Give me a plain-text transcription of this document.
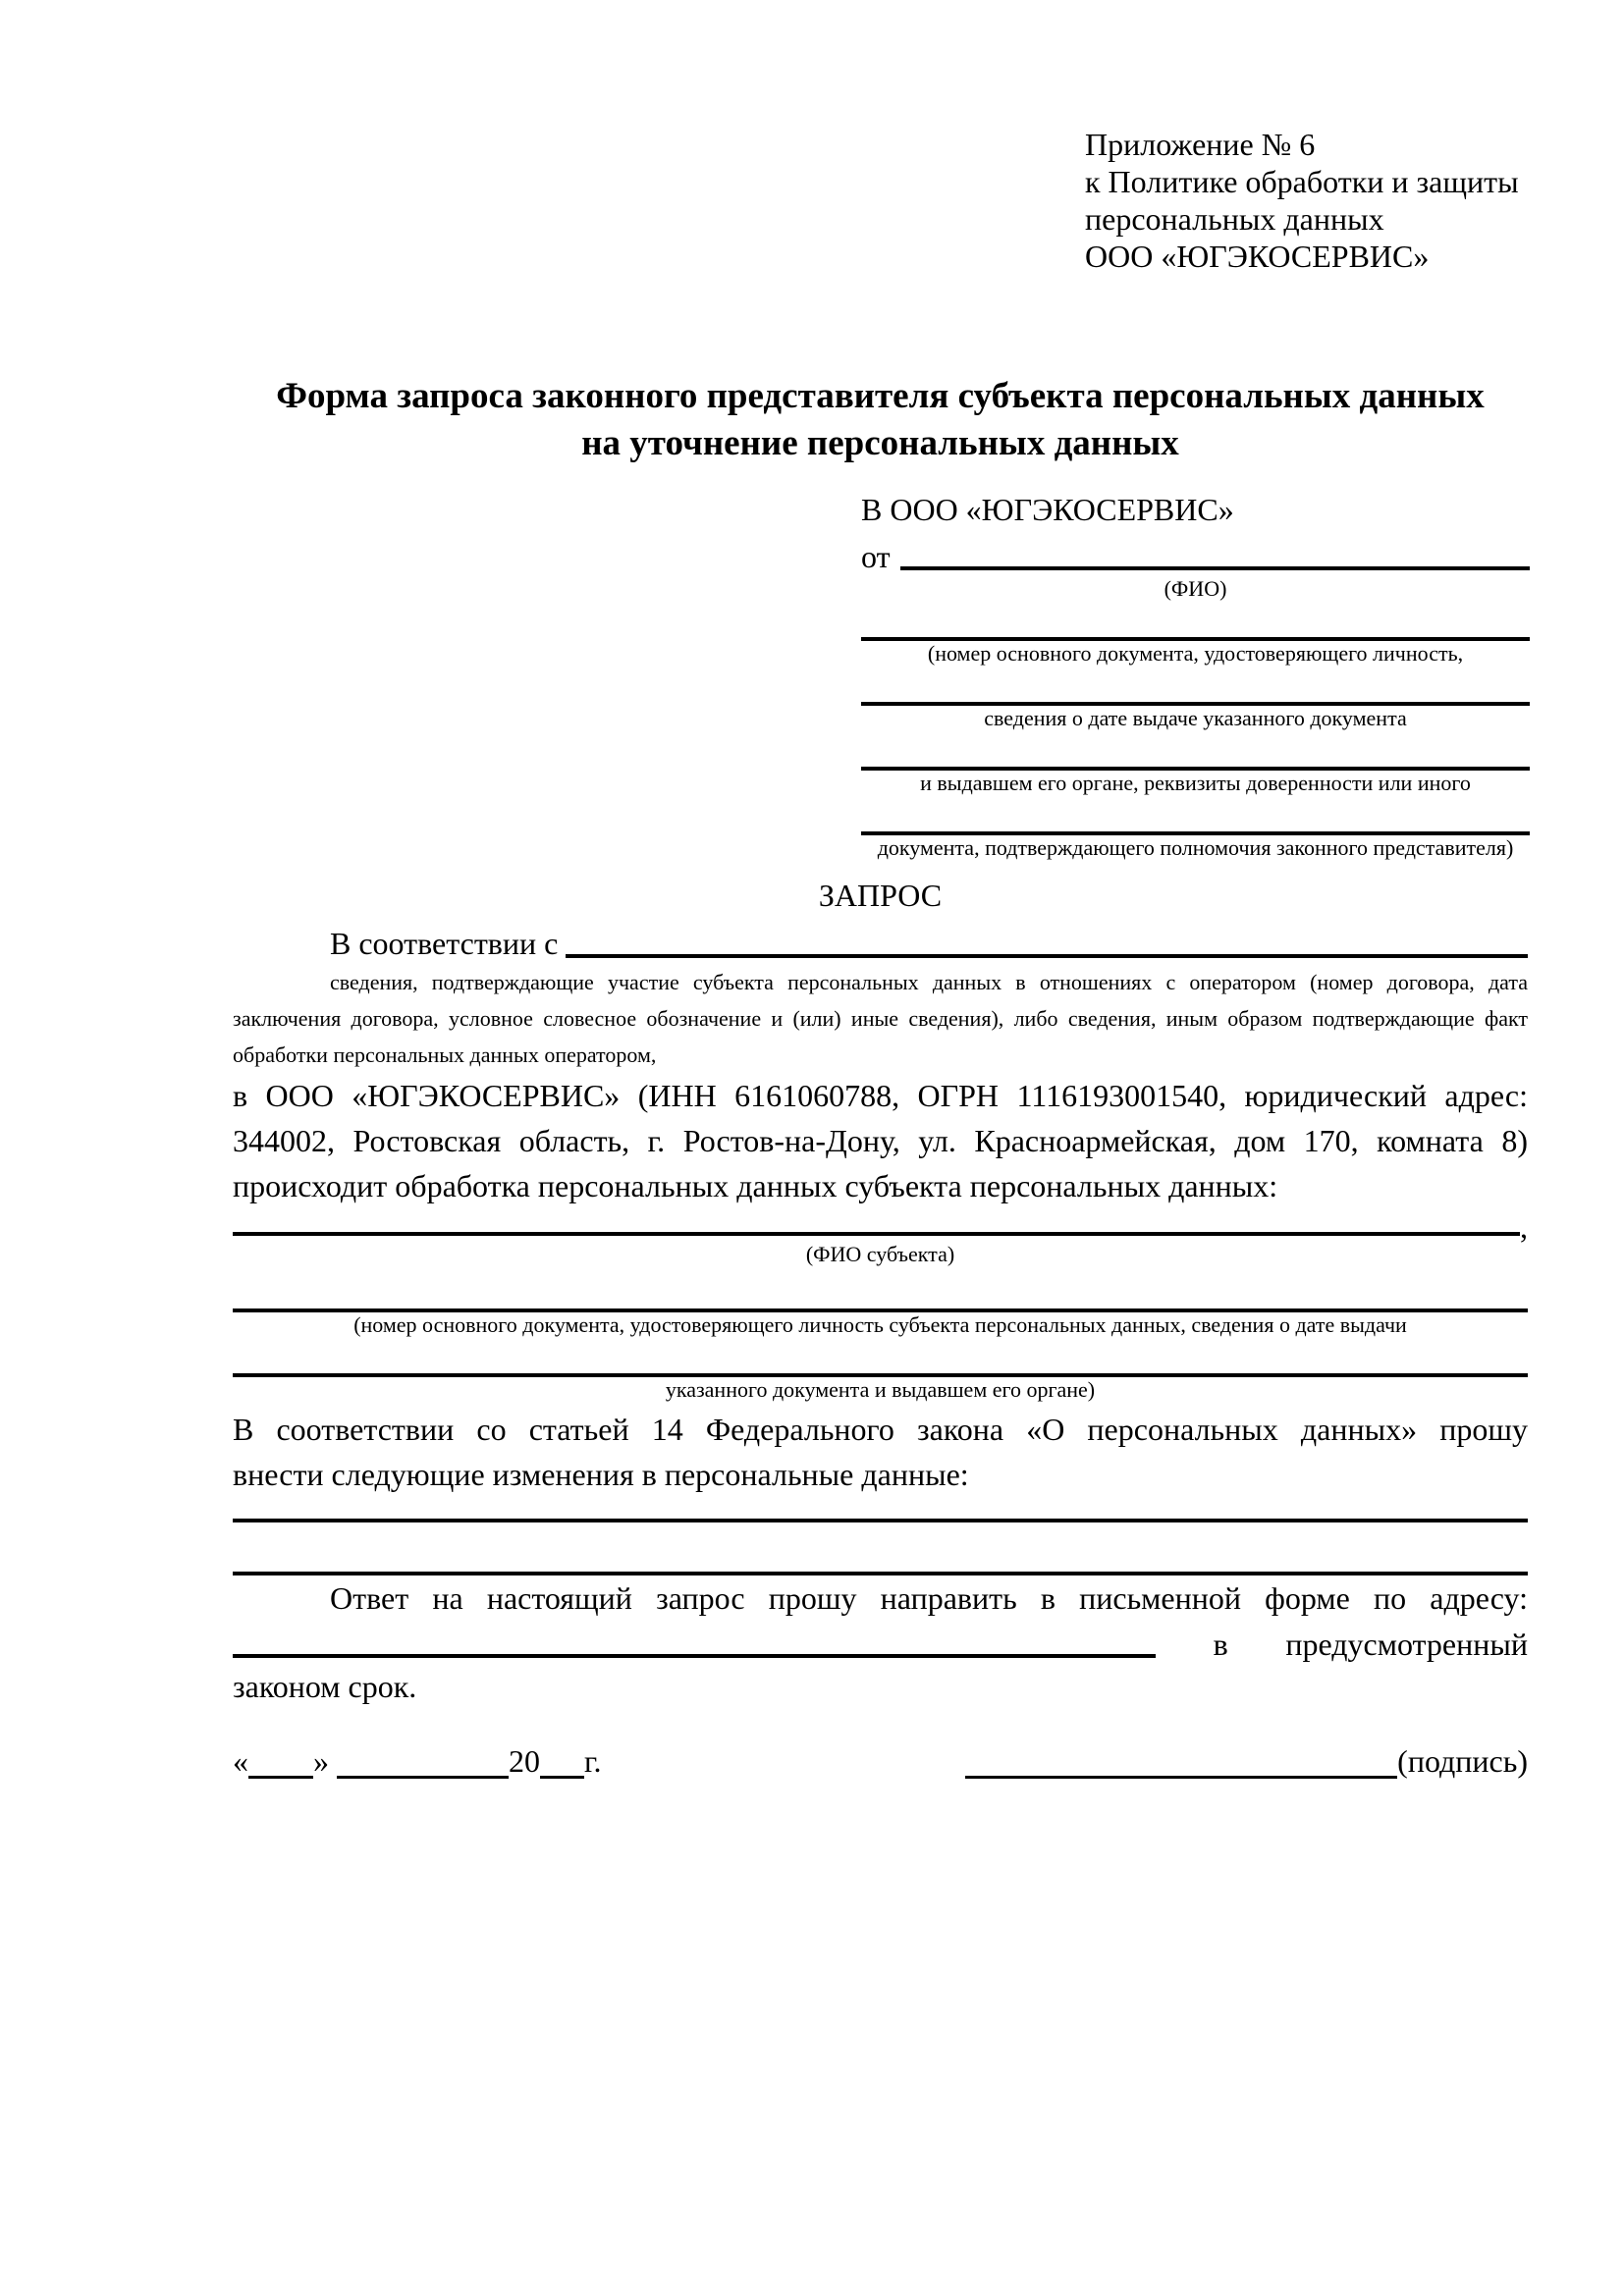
Приложение № 6
к Политике обработки и защиты
персональных данных
ООО «ЮГЭКОСЕРВИС»
Форма запроса законного представителя субъекта персональных данных
на уточнение персональных данных
В ООО «ЮГЭКОСЕРВИС»
от
(ФИО)
(номер основного документа, удостоверяющего личность,
сведения о дате выдаче указанного документа
и выдавшем его органе, реквизиты доверенности или иного
документа, подтверждающего полномочия законного представителя)
ЗАПРОС
В соответствии с
сведения, подтверждающие участие субъекта персональных данных в отношениях с оператором (номер договора, дата
заключения договора, условное словесное обозначение и (или) иные сведения), либо сведения, иным образом подтверждающие факт
обработки персональных данных оператором,
в ООО «ЮГЭКОСЕРВИС» (ИНН 6161060788, ОГРН 1116193001540, юридический адрес:
344002, Ростовская область, г. Ростов-на-Дону, ул. Красноармейская, дом 170, комната 8)
происходит обработка персональных данных субъекта персональных данных:
,
(ФИО субъекта)
(номер основного документа, удостоверяющего личность субъекта персональных данных, сведения о дате выдачи
указанного документа и выдавшем его органе)
В соответствии со статьей 14 Федерального закона «О персональных данных» прошу
внести следующие изменения в персональные данные:
Ответ на настоящий запрос прошу направить в письменной форме по адресу:
в предусмотренный
законом срок.
« »	20 г.	(подпись)
